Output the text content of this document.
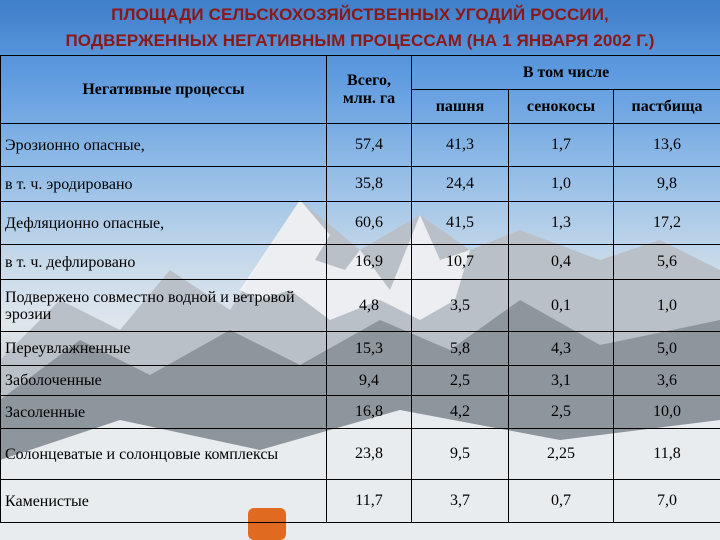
ПЛОЩАДИ СЕЛЬСКОХОЗЯЙСТВЕННЫХ УГОДИЙ РОССИИ,
ПОДВЕРЖЕННЫХ НЕГАТИВНЫМ ПРОЦЕССАМ (НА 1 ЯНВАРЯ 2002 Г.)
Негативные процессы	Всего, млн. га	В том числе		
		пашня	сенокосы	пастбища
Эрозионно опасные,	57,4	41,3	1,7	13,6
в т. ч. эродировано	35,8	24,4	1,0	9,8
Дефляционно опасные,	60,6	41,5	1,3	17,2
в т. ч. дефлировано	16,9	10,7	0,4	5,6
Подвержено совместно водной и ветровой эрозии	4,8	3,5	0,1	1,0
Переувлажненные	15,3	5,8	4,3	5,0
Заболоченные	9,4	2,5	3,1	3,6
Засоленные	16,8	4,2	2,5	10,0
Солонцеватые и солонцовые комплексы	23,8	9,5	2,25	11,8
Каменистые	11,7	3,7	0,7	7,0
